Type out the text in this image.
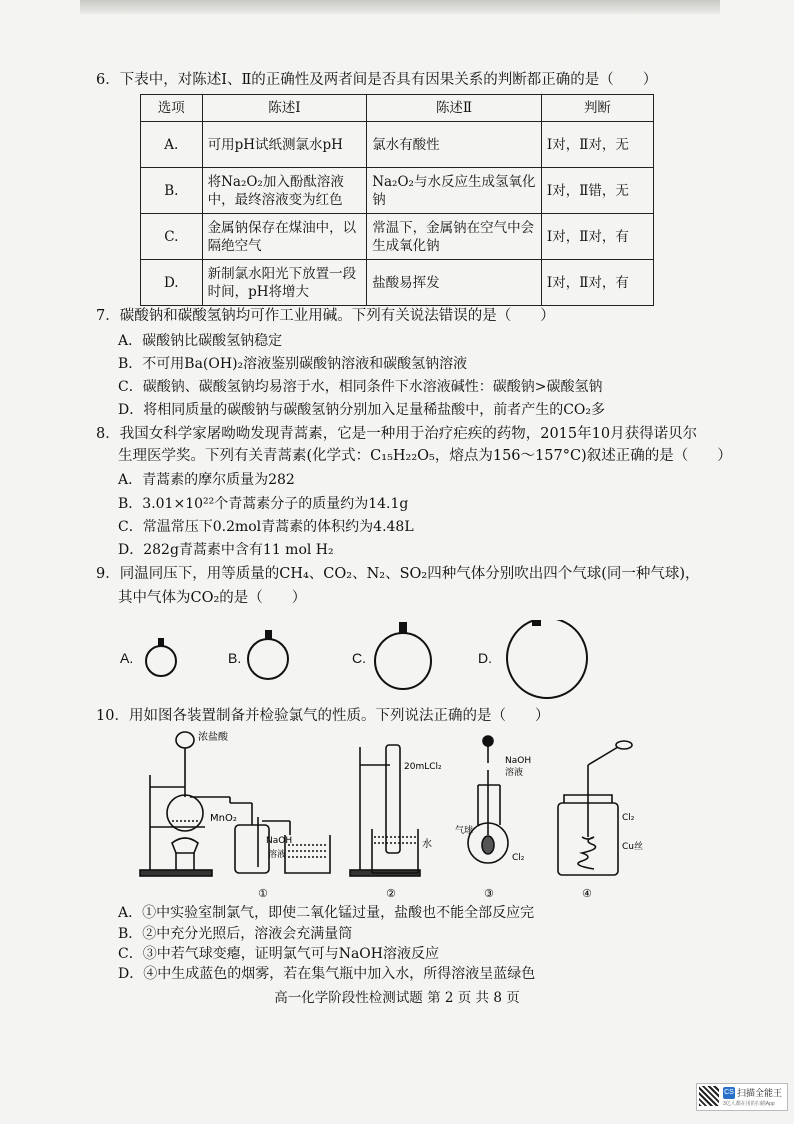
6．下表中，对陈述Ⅰ、Ⅱ的正确性及两者间是否具有因果关系的判断都正确的是（　　）
选项	陈述Ⅰ	陈述Ⅱ	判断
A.	可用pH试纸测氯水pH	氯水有酸性	Ⅰ对，Ⅱ对，无
B.	将Na₂O₂加入酚酞溶液中，最终溶液变为红色	Na₂O₂与水反应生成氢氧化钠	Ⅰ对，Ⅱ错，无
C.	金属钠保存在煤油中，以隔绝空气	常温下，金属钠在空气中会生成氧化钠	Ⅰ对，Ⅱ对，有
D.	新制氯水阳光下放置一段时间，pH将增大	盐酸易挥发	Ⅰ对，Ⅱ对，有
7．碳酸钠和碳酸氢钠均可作工业用碱。下列有关说法错误的是（　　）
A．碳酸钠比碳酸氢钠稳定
B．不可用Ba(OH)₂溶液鉴别碳酸钠溶液和碳酸氢钠溶液
C．碳酸钠、碳酸氢钠均易溶于水，相同条件下水溶液碱性：碳酸钠>碳酸氢钠
D．将相同质量的碳酸钠与碳酸氢钠分别加入足量稀盐酸中，前者产生的CO₂多
8．我国女科学家屠呦呦发现青蒿素，它是一种用于治疗疟疾的药物，2015年10月获得诺贝尔
生理医学奖。下列有关青蒿素(化学式：C₁₅H₂₂O₅，熔点为156～157°C)叙述正确的是（　　）
A．青蒿素的摩尔质量为282
B．3.01×10²²个青蒿素分子的质量约为14.1g
C．常温常压下0.2mol青蒿素的体积约为4.48L
D．282g青蒿素中含有11 mol H₂
9．同温同压下，用等质量的CH₄、CO₂、N₂、SO₂四种气体分别吹出四个气球(同一种气球)，
其中气体为CO₂的是（　　）
A.	B.	C.	D.
10．用如图各装置制备并检验氯气的性质。下列说法正确的是（　　）
浓盐酸
MnO₂
NaOH
溶液
20mLCl₂
水
NaOH
溶液
气球
Cl₂
Cl₂
Cu丝
①	②	③	④
A．①中实验室制氯气，即使二氧化锰过量，盐酸也不能全部反应完
B．②中充分光照后，溶液会充满量筒
C．③中若气球变瘪，证明氯气可与NaOH溶液反应
D．④中生成蓝色的烟雾，若在集气瓶中加入水，所得溶液呈蓝绿色
高一化学阶段性检测试题 第 2 页 共 8 页
CS 扫描全能王
3亿人都在用的扫描App
